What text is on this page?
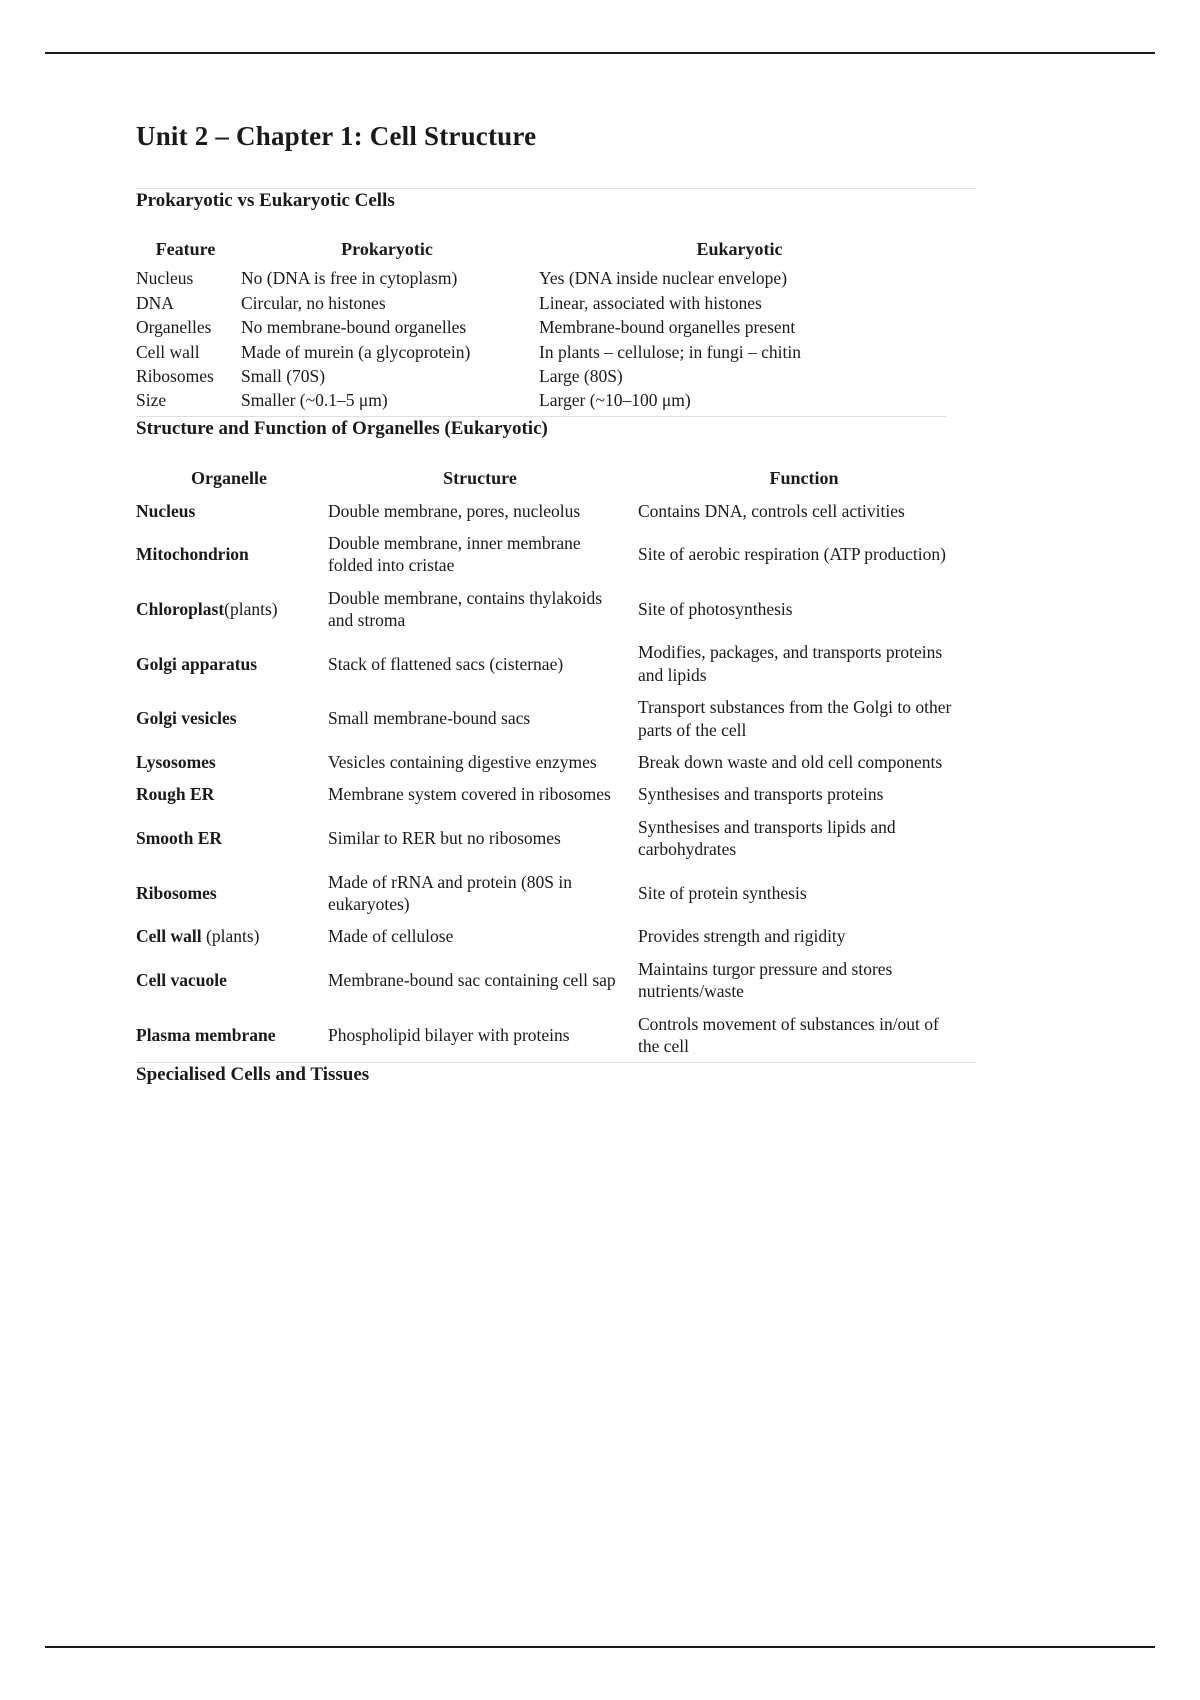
Unit 2 – Chapter 1: Cell Structure
Prokaryotic vs Eukaryotic Cells
Feature	Prokaryotic	Eukaryotic
Nucleus	No (DNA is free in cytoplasm)	Yes (DNA inside nuclear envelope)
DNA	Circular, no histones	Linear, associated with histones
Organelles	No membrane-bound organelles	Membrane-bound organelles present
Cell wall	Made of murein (a glycoprotein)	In plants – cellulose; in fungi – chitin
Ribosomes	Small (70S)	Large (80S)
Size	Smaller (~0.1–5 μm)	Larger (~10–100 μm)
Structure and Function of Organelles (Eukaryotic)
Organelle	Structure	Function
Nucleus	Double membrane, pores, nucleolus	Contains DNA, controls cell activities
Mitochondrion	Double membrane, inner membrane folded into cristae	Site of aerobic respiration (ATP production)
Chloroplast(plants)	Double membrane, contains thylakoids and stroma	Site of photosynthesis
Golgi apparatus	Stack of flattened sacs (cisternae)	Modifies, packages, and transports proteins and lipids
Golgi vesicles	Small membrane-bound sacs	Transport substances from the Golgi to other parts of the cell
Lysosomes	Vesicles containing digestive enzymes	Break down waste and old cell components
Rough ER	Membrane system covered in ribosomes	Synthesises and transports proteins
Smooth ER	Similar to RER but no ribosomes	Synthesises and transports lipids and carbohydrates
Ribosomes	Made of rRNA and protein (80S in eukaryotes)	Site of protein synthesis
Cell wall (plants)	Made of cellulose	Provides strength and rigidity
Cell vacuole	Membrane-bound sac containing cell sap	Maintains turgor pressure and stores nutrients/waste
Plasma membrane	Phospholipid bilayer with proteins	Controls movement of substances in/out of the cell
Specialised Cells and Tissues
